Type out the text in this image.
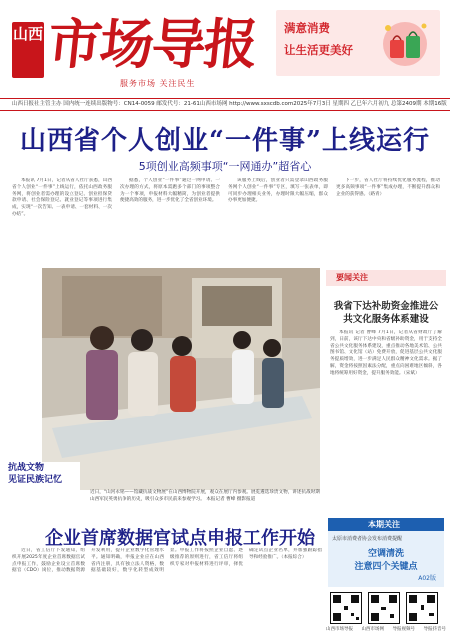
山西 市场导报
服务市场 关注民生
满意消费
让生活更美好
山西日报社主管主办 国内统一连续出版物号：CN14-0059 邮发代号：21-61 山西市场网 http://www.sxscdb.com 2025年7月3日 星期四 乙巳年六月初九 总第2409期 本期16版
山西省个人创业“一件事”上线运行
5项创业高频事项“一网通办”超省心

本报讯 7月1日，记者从省人社厅获悉，山西省个人创业“一件事”上线运行，依托山西政务服务网，将创业者需办理的设立登记、创业担保贷款申请、社会保险登记、就业登记等事项进行集成，实现“一次告知、一表申请、一套材料、一次办结”。

据悉，个人创业“一件事”通过一网申请、一次办理的方式，将原本需跑多个部门的事项整合为一个事项，申报材料大幅精简，为创业者提供便捷高效的服务，进一步优化了全省创业环境。

该服务上线后，创业者只需登录山西政务服务网个人创业“一件事”专区，填写一张表单，即可同步办理相关业务，办理时限大幅压缩，群众办事更加便捷。

下一步，省人社厅将持续优化服务流程，推动更多高频事项“一件事”集成办理，不断提升群众和企业的获得感。（路青）

抗战文物
见证民族记忆
近日，“山河永铭——馆藏抗战文物展”在山西博物院开展，观众在展厅内参观。展览遴选珍贵文物，讲述抗战时期山西军民英勇抗争的历史，吸引众多市民前来参观学习。 本报记者 曹峰 摄影报道
要闻关注
我省下达补助资金推进公共文化服务体系建设

本报讯 记者 曹峰 7月1日，记者从省财政厅了解到，日前，该厅下达中央和省级补助资金，用于支持全省公共文化服务体系建设，重点推动各地美术馆、公共图书馆、文化馆（站）免费开放，促进基层公共文化服务提质增效，进一步满足人民群众精神文化需求。据了解，资金将按照因素法分配，重点向困难地区倾斜，各地将统筹用好资金，提升服务效能。（宋斌）

企业首席数据官试点申报工作开始

近日，省工信厅下发通知，组织开展2025年度企业首席数据官试点申报工作，鼓励企业设立首席数据官（CDO）岗位，推动数据资源开发利用，提升企业数字化管理水平。通知明确，申报企业应在山西省内注册，具有独立法人资格，数据基础较好，数字化转型成效明显。申报工作将按照企业自愿、逐级推荐的原则进行，省工信厅将组织专家对申报材料进行评审，择优确定试点企业名单，并加强跟踪指导和经验推广。（本报综合）

本期关注
太原市消费者协会发布消费提醒
空调清洗
注意四个关键点
A02版
山西市场导报 山西市场网 导报视频号 导报抖音号
